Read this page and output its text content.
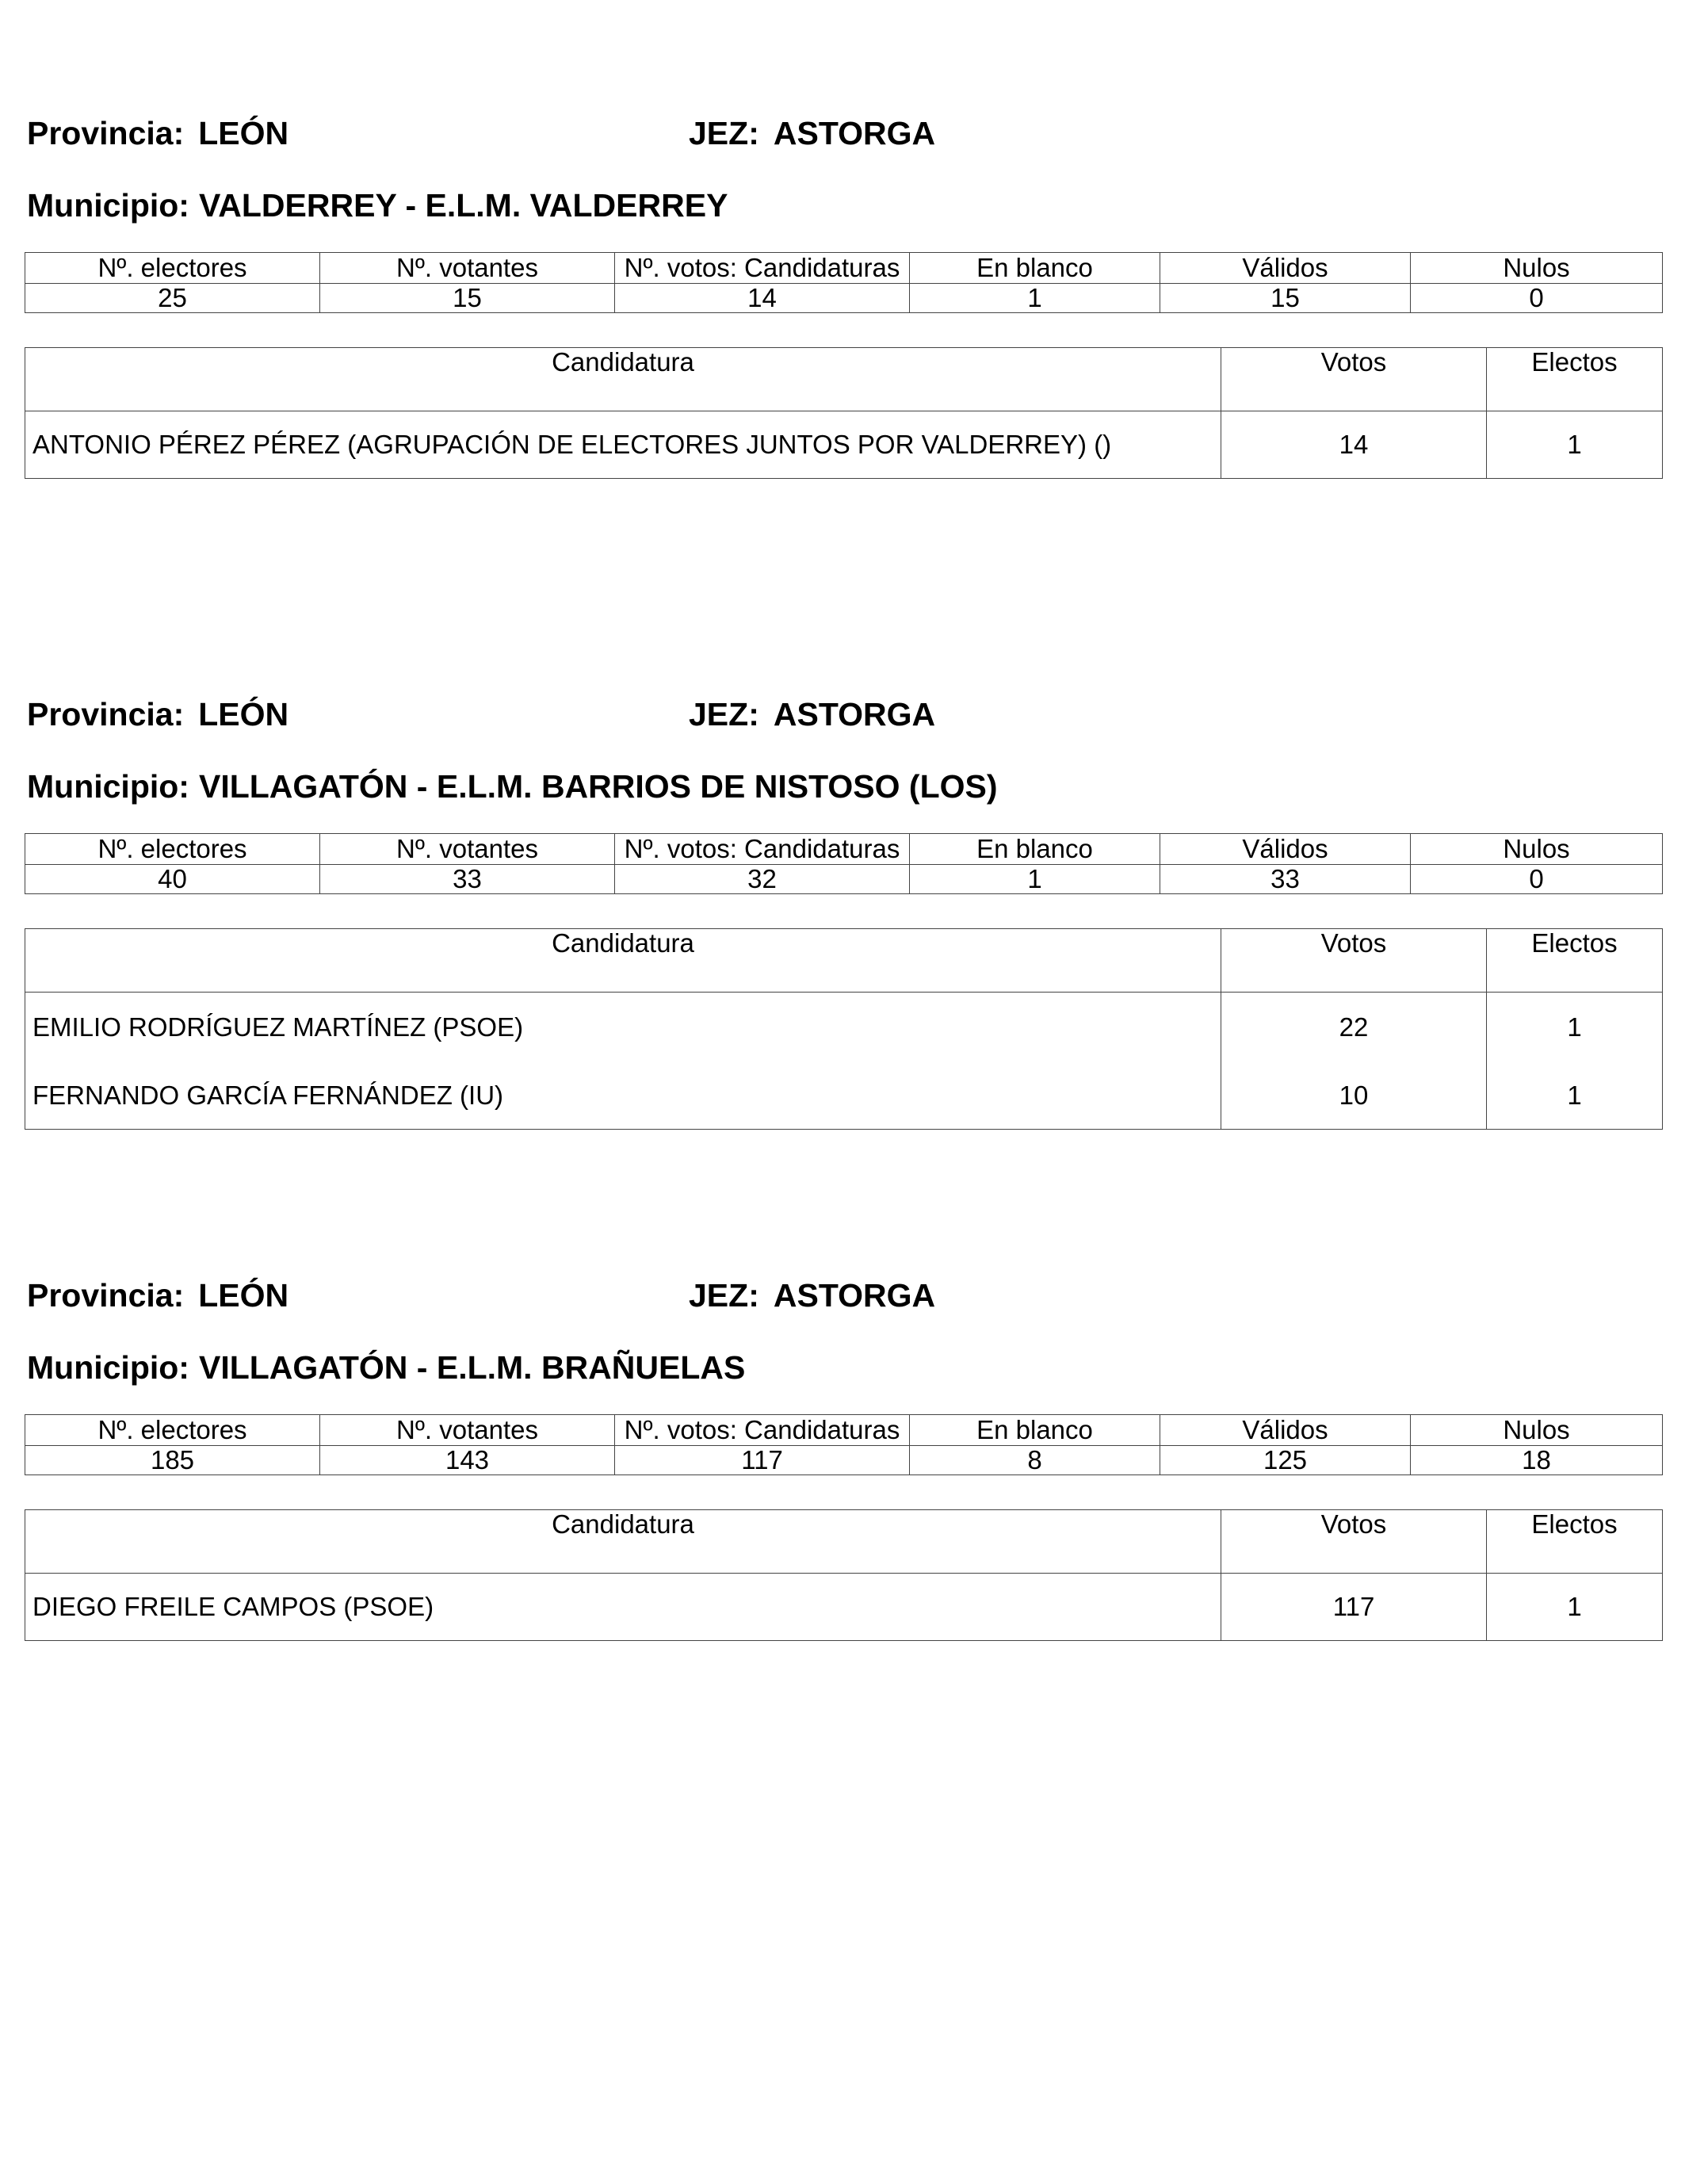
Provincia: LEÓN	JEZ: ASTORGA
Municipio: VALDERREY - E.L.M. VALDERREY
Nº. electores	Nº. votantes	Nº. votos: Candidaturas	En blanco	Válidos	Nulos
25	15	14	1	15	0
Candidatura	Votos	Electos
ANTONIO PÉREZ PÉREZ (AGRUPACIÓN DE ELECTORES JUNTOS POR VALDERREY) ()	14	1
Provincia: LEÓN	JEZ: ASTORGA
Municipio: VILLAGATÓN - E.L.M. BARRIOS DE NISTOSO (LOS)
Nº. electores	Nº. votantes	Nº. votos: Candidaturas	En blanco	Válidos	Nulos
40	33	32	1	33	0
Candidatura	Votos	Electos
EMILIO RODRÍGUEZ MARTÍNEZ (PSOE)	22	1
FERNANDO GARCÍA FERNÁNDEZ (IU)	10	1
Provincia: LEÓN	JEZ: ASTORGA
Municipio: VILLAGATÓN - E.L.M. BRAÑUELAS
Nº. electores	Nº. votantes	Nº. votos: Candidaturas	En blanco	Válidos	Nulos
185	143	117	8	125	18
Candidatura	Votos	Electos
DIEGO FREILE CAMPOS (PSOE)	117	1
